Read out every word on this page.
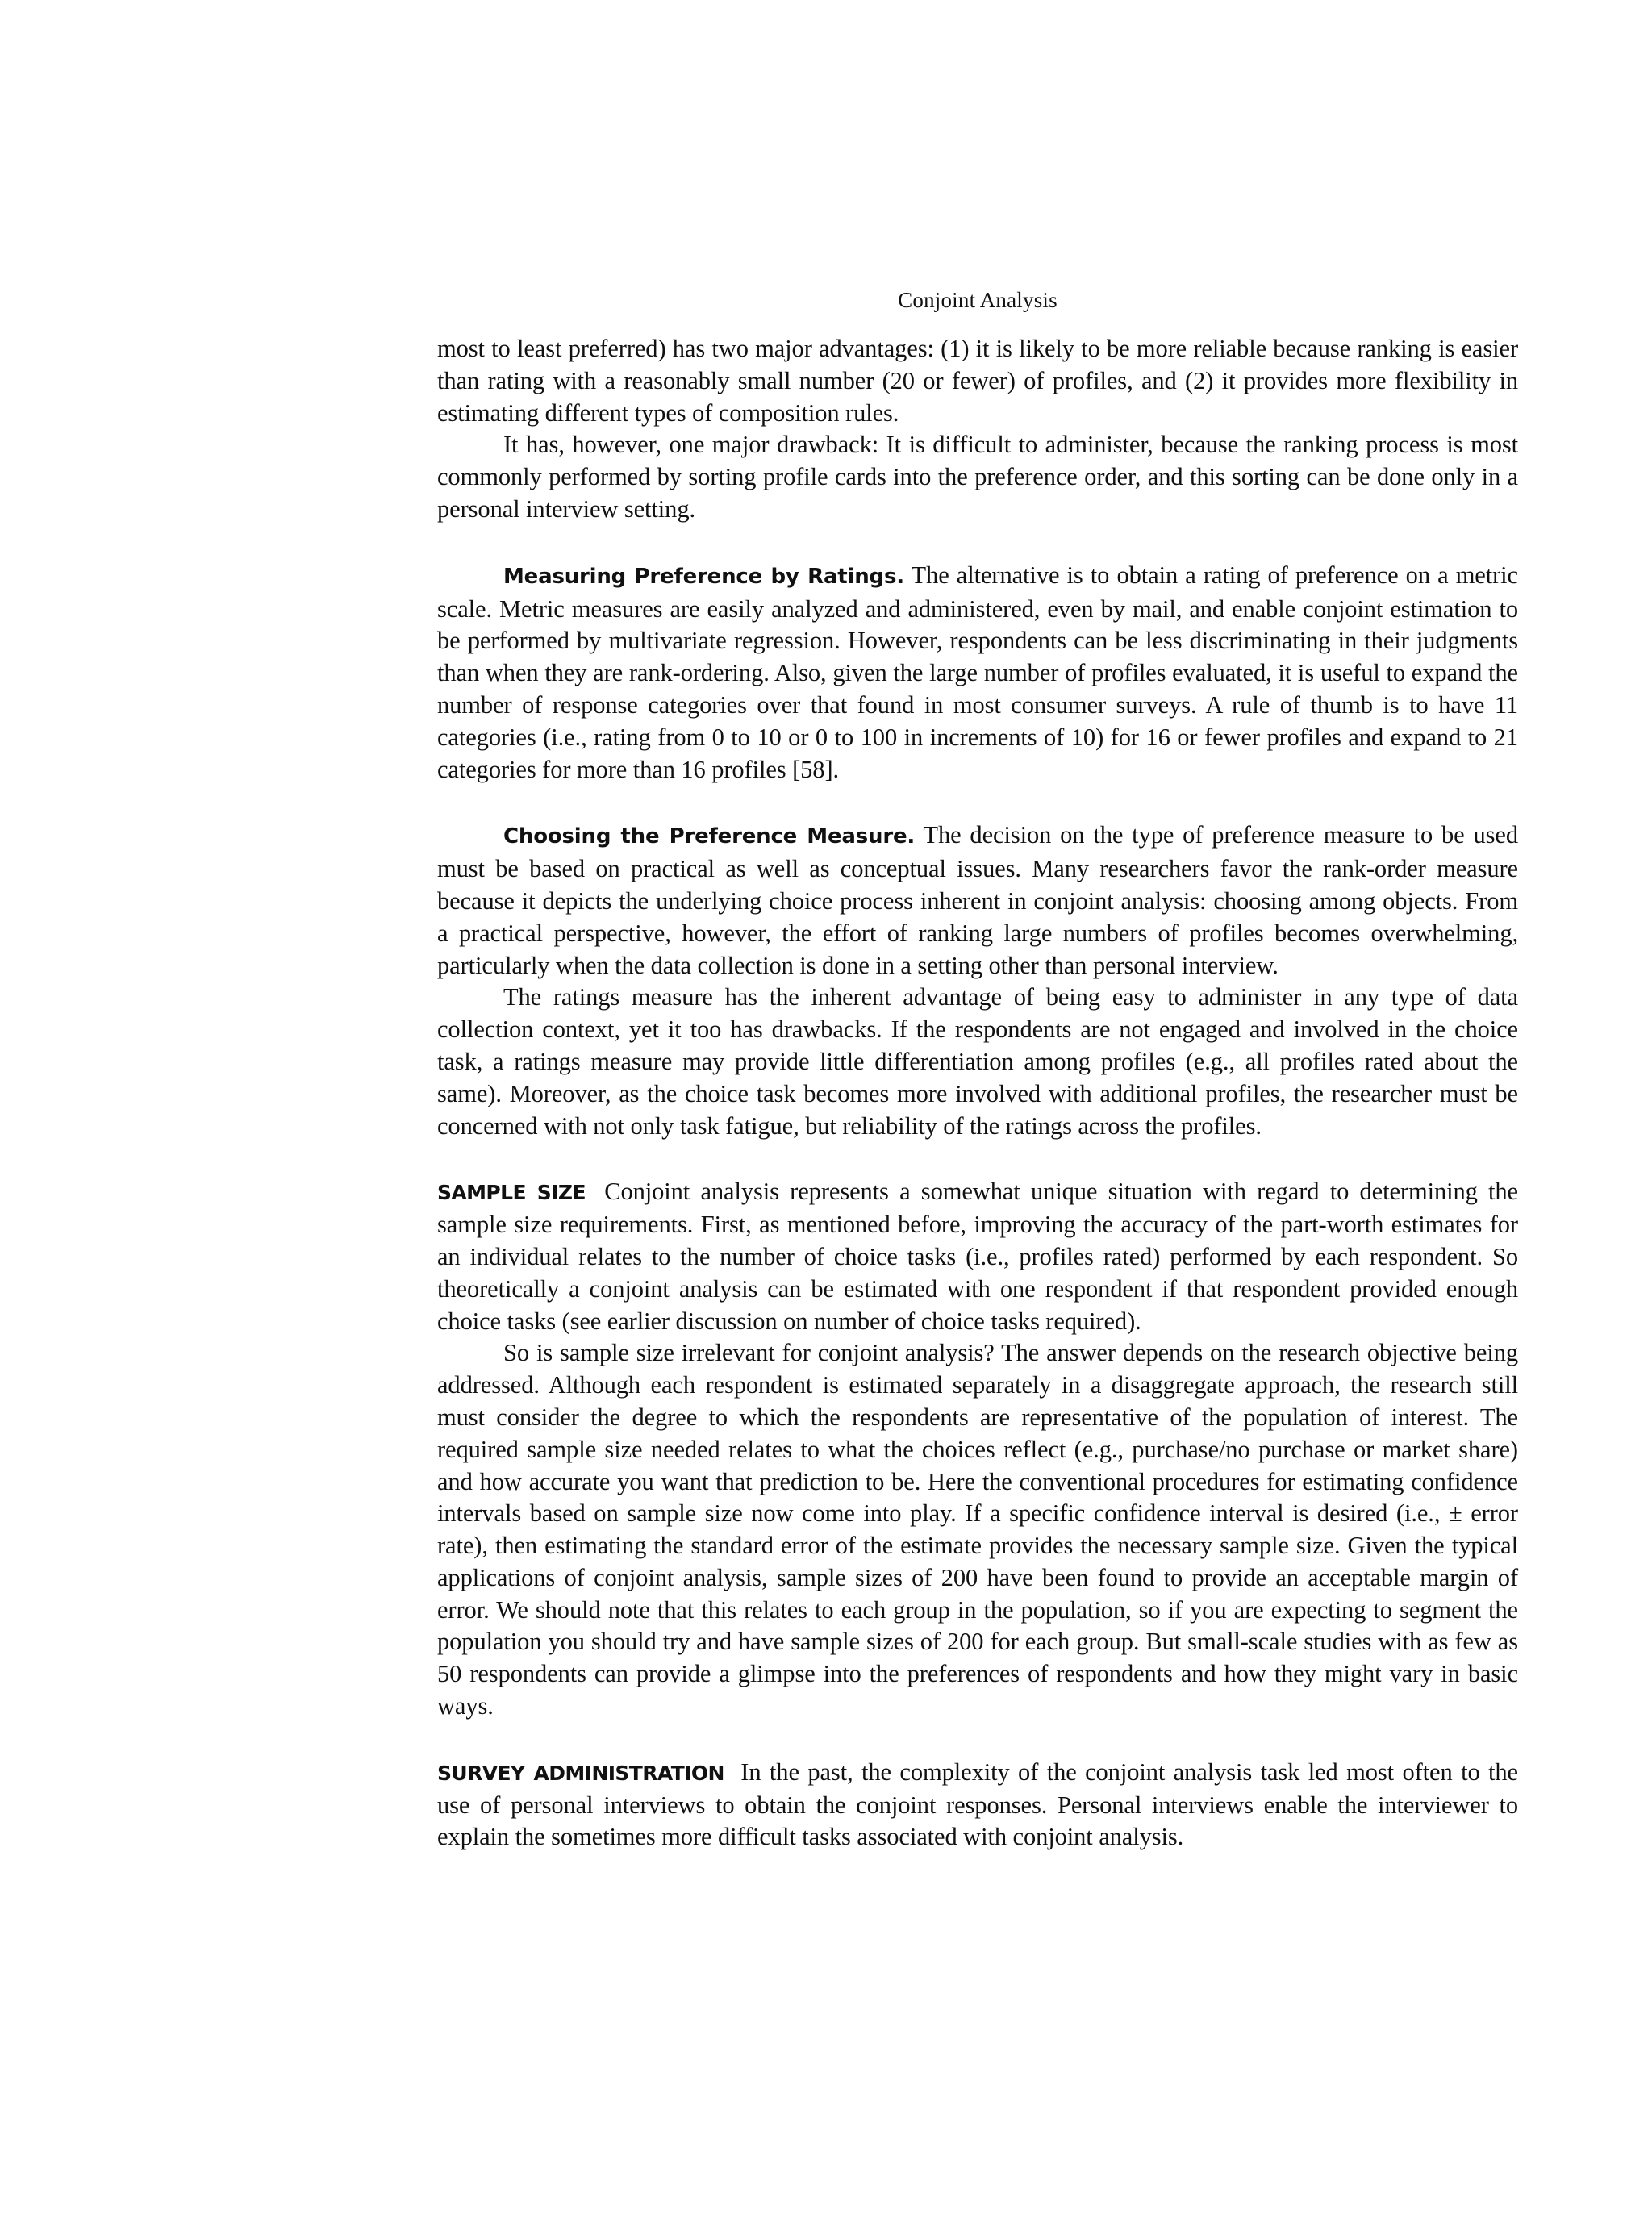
Conjoint Analysis

most to least preferred) has two major advantages: (1) it is likely to be more reliable because ranking is easier than rating with a reasonably small number (20 or fewer) of profiles, and (2) it provides more flexibility in estimating different types of composition rules.

It has, however, one major drawback: It is difficult to administer, because the ranking process is most commonly performed by sorting profile cards into the preference order, and this sorting can be done only in a personal interview setting.

Measuring Preference by Ratings. The alternative is to obtain a rating of preference on a metric scale. Metric measures are easily analyzed and administered, even by mail, and enable conjoint estimation to be performed by multivariate regression. However, respondents can be less discriminating in their judgments than when they are rank-ordering. Also, given the large number of profiles evaluated, it is useful to expand the number of response categories over that found in most consumer surveys. A rule of thumb is to have 11 categories (i.e., rating from 0 to 10 or 0 to 100 in increments of 10) for 16 or fewer profiles and expand to 21 categories for more than 16 profiles [58].

Choosing the Preference Measure. The decision on the type of preference measure to be used must be based on practical as well as conceptual issues. Many researchers favor the rank-order measure because it depicts the underlying choice process inherent in conjoint analysis: choosing among objects. From a practical perspective, however, the effort of ranking large numbers of profiles becomes overwhelming, particularly when the data collection is done in a setting other than personal interview.

The ratings measure has the inherent advantage of being easy to administer in any type of data collection context, yet it too has drawbacks. If the respondents are not engaged and involved in the choice task, a ratings measure may provide little differentiation among profiles (e.g., all profiles rated about the same). Moreover, as the choice task becomes more involved with additional profiles, the researcher must be concerned with not only task fatigue, but reliability of the ratings across the profiles.

SAMPLE SIZE Conjoint analysis represents a somewhat unique situation with regard to determining the sample size requirements. First, as mentioned before, improving the accuracy of the part-worth estimates for an individual relates to the number of choice tasks (i.e., profiles rated) performed by each respondent. So theoretically a conjoint analysis can be estimated with one respondent if that respondent provided enough choice tasks (see earlier discussion on number of choice tasks required).

So is sample size irrelevant for conjoint analysis? The answer depends on the research objective being addressed. Although each respondent is estimated separately in a disaggregate approach, the research still must consider the degree to which the respondents are representative of the population of interest. The required sample size needed relates to what the choices reflect (e.g., purchase/no purchase or market share) and how accurate you want that prediction to be. Here the conventional procedures for estimating confidence intervals based on sample size now come into play. If a specific confidence interval is desired (i.e., ± error rate), then estimating the standard error of the estimate provides the necessary sample size. Given the typical applications of conjoint analysis, sample sizes of 200 have been found to provide an acceptable margin of error. We should note that this relates to each group in the population, so if you are expecting to segment the population you should try and have sample sizes of 200 for each group. But small-scale studies with as few as 50 respondents can provide a glimpse into the preferences of respondents and how they might vary in basic ways.

SURVEY ADMINISTRATION In the past, the complexity of the conjoint analysis task led most often to the use of personal interviews to obtain the conjoint responses. Personal interviews enable the interviewer to explain the sometimes more difficult tasks associated with conjoint analysis.
